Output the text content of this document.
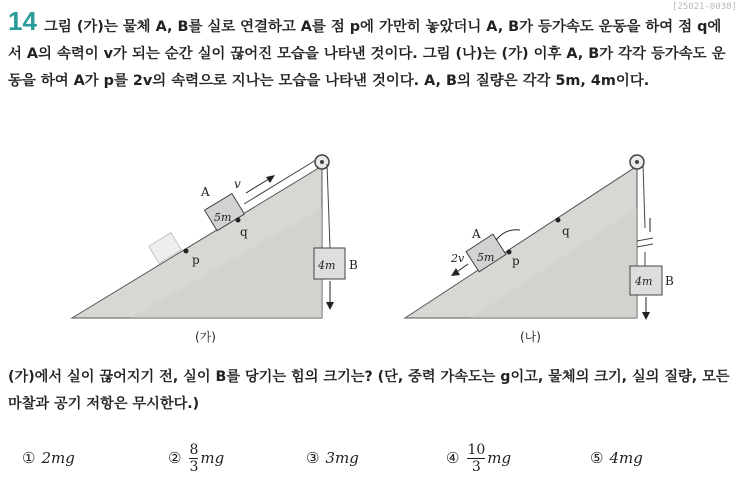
[25021-0038]
14 그림 (가)는 물체 A, B를 실로 연결하고 A를 점 p에 가만히 놓았더니 A, B가 등가속도 운동을 하여 점 q에서 A의 속력이 v가 되는 순간 실이 끊어진 모습을 나타낸 것이다. 그림 (나)는 (가) 이후 A, B가 각각 등가속도 운동을 하여 A가 p를 2v의 속력으로 지나는 모습을 나타낸 것이다. A, B의 질량은 각각 5m, 4m이다.
5m
A
p
q
v
4m B
(가)
5m
A
p
q
2v
4m B
(나)
(가)에서 실이 끊어지기 전, 실이 B를 당기는 힘의 크기는? (단, 중력 가속도는 g이고, 물체의 크기, 실의 질량, 모든 마찰과 공기 저항은 무시한다.)
① 2mg	② $\frac{8}{3}$ mg	③ 3mg	④ $\frac{10}{3}$ mg	⑤ 4mg
